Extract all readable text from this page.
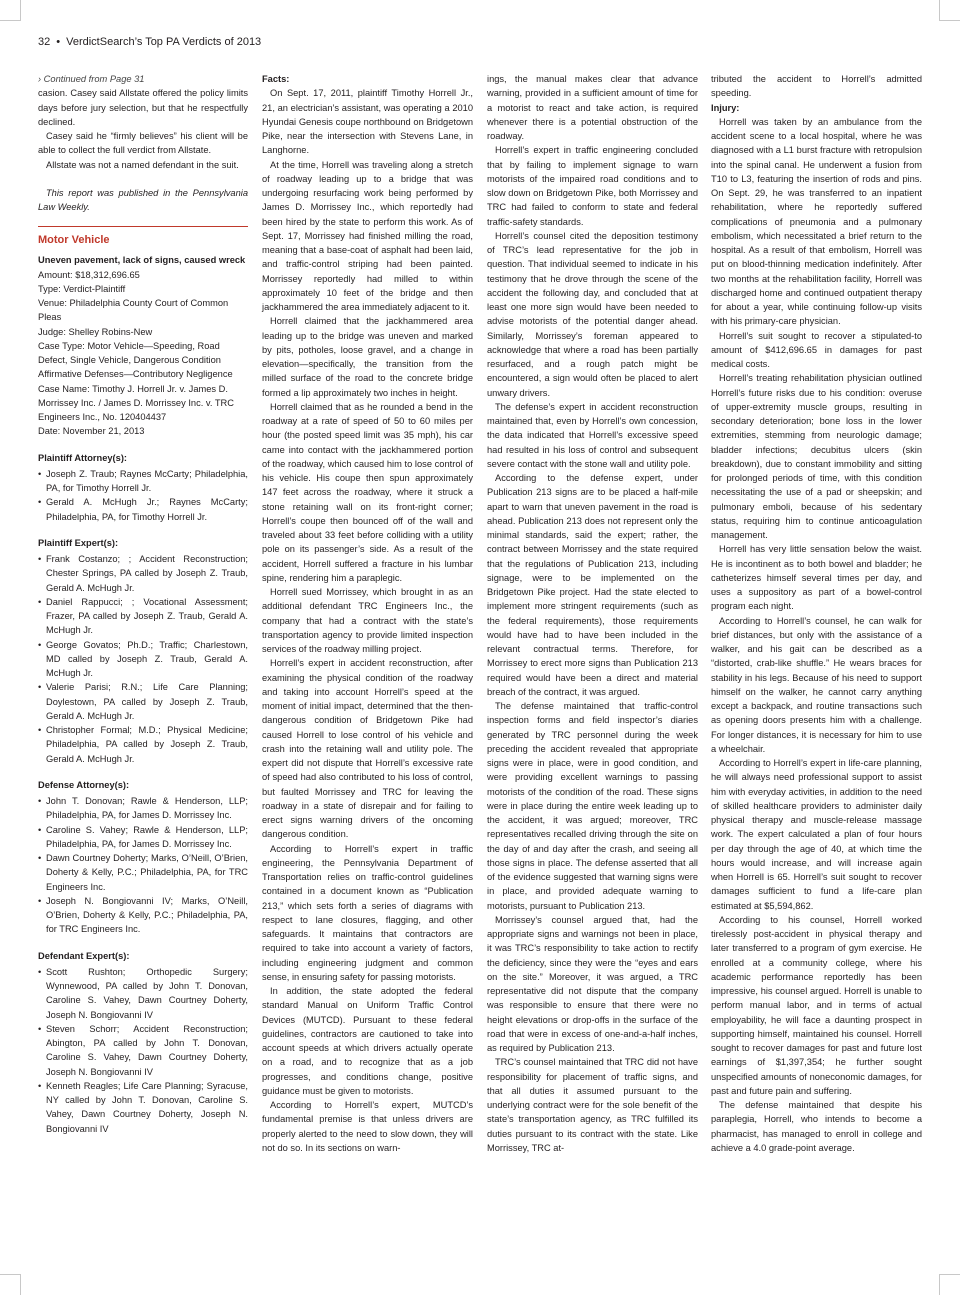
32 • VerdictSearch’s Top PA Verdicts of 2013

› Continued from Page 31

casion. Casey said Allstate offered the policy limits days before jury selection, but that he respectfully declined.

Casey said he “firmly believes” his client will be able to collect the full verdict from Allstate.

Allstate was not a named defendant in the suit.

This report was published in the Pennsylvania Law Weekly.

Motor Vehicle
Uneven pavement, lack of signs, caused wreck

Amount: $18,312,696.65

Type: Verdict-Plaintiff

Venue: Philadelphia County Court of Common Pleas

Judge: Shelley Robins-New

Case Type: Motor Vehicle—Speeding, Road Defect, Single Vehicle, Dangerous Condition

Affirmative Defenses—Contributory Negligence

Case Name: Timothy J. Horrell Jr. v. James D. Morrissey Inc. / James D. Morrissey Inc. v. TRC Engineers Inc., No. 120404437

Date: November 21, 2013

Plaintiff Attorney(s):
• Joseph Z. Traub; Raynes McCarty; Philadelphia, PA, for Timothy Horrell Jr.
• Gerald A. McHugh Jr.; Raynes McCarty; Philadelphia, PA, for Timothy Horrell Jr.
Plaintiff Expert(s):
• Frank Costanzo; ; Accident Reconstruction; Chester Springs, PA called by Joseph Z. Traub, Gerald A. McHugh Jr.
• Daniel Rappucci; ; Vocational Assessment; Frazer, PA called by Joseph Z. Traub, Gerald A. McHugh Jr.
• George Govatos; Ph.D.; Traffic; Charlestown, MD called by Joseph Z. Traub, Gerald A. McHugh Jr.
• Valerie Parisi; R.N.; Life Care Planning; Doylestown, PA called by Joseph Z. Traub, Gerald A. McHugh Jr.
• Christopher Formal; M.D.; Physical Medicine; Philadelphia, PA called by Joseph Z. Traub, Gerald A. McHugh Jr.
Defense Attorney(s):
• John T. Donovan; Rawle & Henderson, LLP; Philadelphia, PA, for James D. Morrissey Inc.
• Caroline S. Vahey; Rawle & Henderson, LLP; Philadelphia, PA, for James D. Morrissey Inc.
• Dawn Courtney Doherty; Marks, O’Neill, O’Brien, Doherty & Kelly, P.C.; Philadelphia, PA, for TRC Engineers Inc.
• Joseph N. Bongiovanni IV; Marks, O’Neill, O’Brien, Doherty & Kelly, P.C.; Philadelphia, PA, for TRC Engineers Inc.
Defendant Expert(s):
• Scott Rushton; Orthopedic Surgery; Wynnewood, PA called by John T. Donovan, Caroline S. Vahey, Dawn Courtney Doherty, Joseph N. Bongiovanni IV
• Steven Schorr; Accident Reconstruction; Abington, PA called by John T. Donovan, Caroline S. Vahey, Dawn Courtney Doherty, Joseph N. Bongiovanni IV
• Kenneth Reagles; Life Care Planning; Syracuse, NY called by John T. Donovan, Caroline S. Vahey, Dawn Courtney Doherty, Joseph N. Bongiovanni IV
Facts:

On Sept. 17, 2011, plaintiff Timothy Horrell Jr., 21, an electrician’s assistant, was operating a 2010 Hyundai Genesis coupe northbound on Bridgetown Pike, near the intersection with Stevens Lane, in Langhorne.

At the time, Horrell was traveling along a stretch of roadway leading up to a bridge that was undergoing resurfacing work being performed by James D. Morrissey Inc., which reportedly had been hired by the state to perform this work. As of Sept. 17, Morrissey had finished milling the road, meaning that a base-coat of asphalt had been laid, and traffic-control striping had been painted. Morrissey reportedly had milled to within approximately 10 feet of the bridge and then jackhammered the area immediately adjacent to it.

Horrell claimed that the jackhammered area leading up to the bridge was uneven and marked by pits, potholes, loose gravel, and a change in elevation—specifically, the transition from the milled surface of the road to the concrete bridge formed a lip approximately two inches in height.

Horrell claimed that as he rounded a bend in the roadway at a rate of speed of 50 to 60 miles per hour (the posted speed limit was 35 mph), his car came into contact with the jackhammered portion of the roadway, which caused him to lose control of his vehicle. His coupe then spun approximately 147 feet across the roadway, where it struck a stone retaining wall on its front-right corner; Horrell’s coupe then bounced off of the wall and traveled about 33 feet before colliding with a utility pole on its passenger’s side. As a result of the accident, Horrell suffered a fracture in his lumbar spine, rendering him a paraplegic.

Horrell sued Morrissey, which brought in as an additional defendant TRC Engineers Inc., the company that had a contract with the state’s transportation agency to provide limited inspection services of the roadway milling project.

Horrell’s expert in accident reconstruction, after examining the physical condition of the roadway and taking into account Horrell’s speed at the moment of initial impact, determined that the then-dangerous condition of Bridgetown Pike had caused Horrell to lose control of his vehicle and crash into the retaining wall and utility pole. The expert did not dispute that Horrell’s excessive rate of speed had also contributed to his loss of control, but faulted Morrissey and TRC for leaving the roadway in a state of disrepair and for failing to erect signs warning drivers of the oncoming dangerous condition.

According to Horrell’s expert in traffic engineering, the Pennsylvania Department of Transportation relies on traffic-control guidelines contained in a document known as “Publication 213,” which sets forth a series of diagrams with respect to lane closures, flagging, and other safeguards. It maintains that contractors are required to take into account a variety of factors, including engineering judgment and common sense, in ensuring safety for passing motorists.

In addition, the state adopted the federal standard Manual on Uniform Traffic Control Devices (MUTCD). Pursuant to these federal guidelines, contractors are cautioned to take into account speeds at which drivers actually operate on a road, and to recognize that as a job progresses, and conditions change, positive guidance must be given to motorists.

According to Horrell’s expert, MUTCD’s fundamental premise is that unless drivers are properly alerted to the need to slow down, they will not do so. In its sections on warn-

ings, the manual makes clear that advance warning, provided in a sufficient amount of time for a motorist to react and take action, is required whenever there is a potential obstruction of the roadway.

Horrell’s expert in traffic engineering concluded that by failing to implement signage to warn motorists of the impaired road conditions and to slow down on Bridgetown Pike, both Morrissey and TRC had failed to conform to state and federal traffic-safety standards.

Horrell’s counsel cited the deposition testimony of TRC’s lead representative for the job in question. That individual seemed to indicate in his testimony that he drove through the scene of the accident the following day, and concluded that at least one more sign would have been needed to advise motorists of the potential danger ahead. Similarly, Morrissey’s foreman appeared to acknowledge that where a road has been partially resurfaced, and a rough patch might be encountered, a sign would often be placed to alert unwary drivers.

The defense’s expert in accident reconstruction maintained that, even by Horrell’s own concession, the data indicated that Horrell’s excessive speed had resulted in his loss of control and subsequent severe contact with the stone wall and utility pole.

According to the defense expert, under Publication 213 signs are to be placed a half-mile apart to warn that uneven pavement in the road is ahead. Publication 213 does not represent only the minimal standards, said the expert; rather, the contract between Morrissey and the state required that the regulations of Publication 213, including signage, were to be implemented on the Bridgetown Pike project. Had the state elected to implement more stringent requirements (such as the federal requirements), those requirements would have had to have been included in the relevant contractual terms. Therefore, for Morrissey to erect more signs than Publication 213 required would have been a direct and material breach of the contract, it was argued.

The defense maintained that traffic-control inspection forms and field inspector’s diaries generated by TRC personnel during the week preceding the accident revealed that appropriate signs were in place, were in good condition, and were providing excellent warnings to passing motorists of the condition of the road. These signs were in place during the entire week leading up to the accident, it was argued; moreover, TRC representatives recalled driving through the site on the day of and day after the crash, and seeing all those signs in place. The defense asserted that all of the evidence suggested that warning signs were in place, and provided adequate warning to motorists, pursuant to Publication 213.

Morrissey’s counsel argued that, had the appropriate signs and warnings not been in place, it was TRC’s responsibility to take action to rectify the deficiency, since they were the “eyes and ears on the site.” Moreover, it was argued, a TRC representative did not dispute that the company was responsible to ensure that there were no height elevations or drop-offs in the surface of the road that were in excess of one-and-a-half inches, as required by Publication 213.

TRC’s counsel maintained that TRC did not have responsibility for placement of traffic signs, and that all duties it assumed pursuant to the underlying contract were for the sole benefit of the state’s transportation agency, as TRC fulfilled its duties pursuant to its contract with the state. Like Morrissey, TRC at-

tributed the accident to Horrell’s admitted speeding.

Injury:

Horrell was taken by an ambulance from the accident scene to a local hospital, where he was diagnosed with a L1 burst fracture with retropulsion into the spinal canal. He underwent a fusion from T10 to L3, featuring the insertion of rods and pins. On Sept. 29, he was transferred to an inpatient rehabilitation, where he reportedly suffered complications of pneumonia and a pulmonary embolism, which necessitated a brief return to the hospital. As a result of that embolism, Horrell was put on blood-thinning medication indefinitely. After two months at the rehabilitation facility, Horrell was discharged home and continued outpatient therapy for about a year, while continuing follow-up visits with his primary-care physician.

Horrell’s suit sought to recover a stipulated-to amount of $412,696.65 in damages for past medical costs.

Horrell’s treating rehabilitation physician outlined Horrell’s future risks due to his condition: overuse of upper-extremity muscle groups, resulting in secondary deterioration; bone loss in the lower extremities, stemming from neurologic damage; bladder infections; decubitus ulcers (skin breakdown), due to constant immobility and sitting for prolonged periods of time, with this condition necessitating the use of a pad or sheepskin; and pulmonary emboli, because of his sedentary status, requiring him to continue anticoagulation management.

Horrell has very little sensation below the waist. He is incontinent as to both bowel and bladder; he catheterizes himself several times per day, and uses a suppository as part of a bowel-control program each night.

According to Horrell’s counsel, he can walk for brief distances, but only with the assistance of a walker, and his gait can be described as a “distorted, crab-like shuffle.” He wears braces for stability in his legs. Because of his need to support himself on the walker, he cannot carry anything except a backpack, and routine transactions such as opening doors presents him with a challenge. For longer distances, it is necessary for him to use a wheelchair.

According to Horrell’s expert in life-care planning, he will always need professional support to assist him with everyday activities, in addition to the need of skilled healthcare providers to administer daily physical therapy and muscle-release massage work. The expert calculated a plan of four hours per day through the age of 40, at which time the hours would increase, and will increase again when Horrell is 65. Horrell’s suit sought to recover damages sufficient to fund a life-care plan estimated at $5,594,862.

According to his counsel, Horrell worked tirelessly post-accident in physical therapy and later transferred to a program of gym exercise. He enrolled at a community college, where his academic performance reportedly has been impressive, his counsel argued. Horrell is unable to perform manual labor, and in terms of actual employability, he will face a daunting prospect in supporting himself, maintained his counsel. Horrell sought to recover damages for past and future lost earnings of $1,397,354; he further sought unspecified amounts of noneconomic damages, for past and future pain and suffering.

The defense maintained that despite his paraplegia, Horrell, who intends to become a pharmacist, has managed to enroll in college and achieve a 4.0 grade-point average.
